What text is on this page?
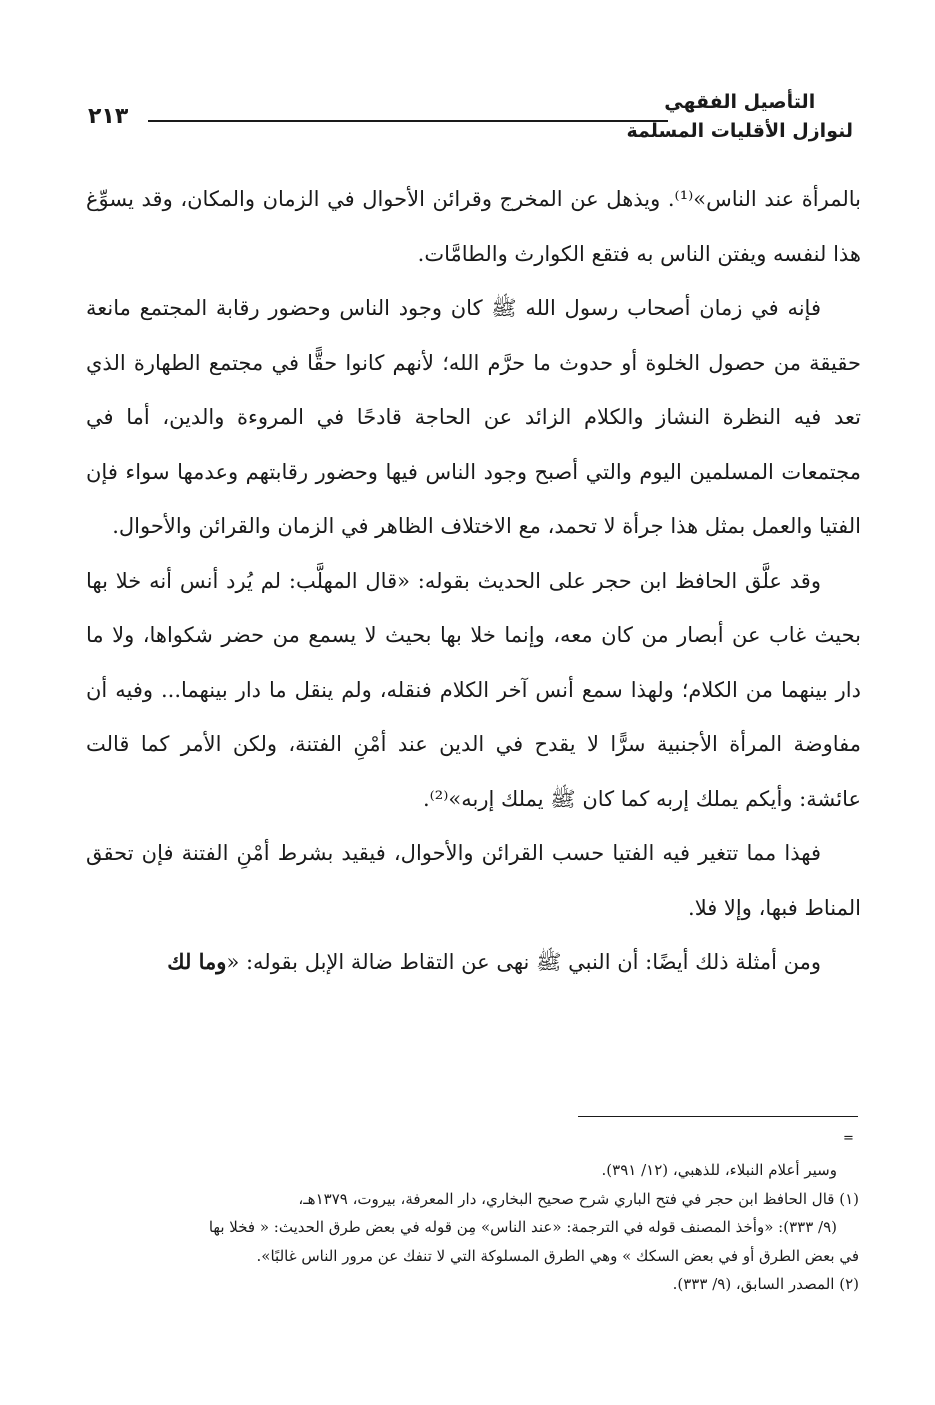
التأصيل الفقهي
لنوازل الأقليات المسلمة
٢١٣

بالمرأة عند الناس»⁽¹⁾. ويذهل عن المخرج وقرائن الأحوال في الزمان والمكان، وقد يسوِّغ هذا لنفسه ويفتن الناس به فتقع الكوارث والطامَّات.

فإنه في زمان أصحاب رسول الله ﷺ كان وجود الناس وحضور رقابة المجتمع مانعة حقيقة من حصول الخلوة أو حدوث ما حرَّم الله؛ لأنهم كانوا حقًّا في مجتمع الطهارة الذي تعد فيه النظرة النشاز والكلام الزائد عن الحاجة قادحًا في المروءة والدين، أما في مجتمعات المسلمين اليوم والتي أصبح وجود الناس فيها وحضور رقابتهم وعدمها سواء فإن الفتيا والعمل بمثل هذا جرأة لا تحمد، مع الاختلاف الظاهر في الزمان والقرائن والأحوال.

وقد علَّق الحافظ ابن حجر على الحديث بقوله: «قال المهلَّب: لم يُرد أنس أنه خلا بها بحيث غاب عن أبصار من كان معه، وإنما خلا بها بحيث لا يسمع من حضر شكواها، ولا ما دار بينهما من الكلام؛ ولهذا سمع أنس آخر الكلام فنقله، ولم ينقل ما دار بينهما... وفيه أن مفاوضة المرأة الأجنبية سرًّا لا يقدح في الدين عند أمْنِ الفتنة، ولكن الأمر كما قالت عائشة: وأيكم يملك إربه كما كان ﷺ يملك إربه»⁽²⁾.

فهذا مما تتغير فيه الفتيا حسب القرائن والأحوال، فيقيد بشرط أمْنِ الفتنة فإن تحقق المناط فبها، وإلا فلا.

ومن أمثلة ذلك أيضًا: أن النبي ﷺ نهى عن التقاط ضالة الإبل بقوله: «وما لك

=

وسير أعلام النبلاء، للذهبي، (١٢/ ٣٩١).

(١) قال الحافظ ابن حجر في فتح الباري شرح صحيح البخاري، دار المعرفة، بيروت، ١٣٧٩هـ،

(٩/ ٣٣٣): «وأخذ المصنف قوله في الترجمة: «عند الناس» مِن قوله في بعض طرق الحديث: « فخلا بها

في بعض الطرق أو في بعض السكك » وهي الطرق المسلوكة التي لا تنفك عن مرور الناس غالبًا».

(٢) المصدر السابق، (٩/ ٣٣٣).
